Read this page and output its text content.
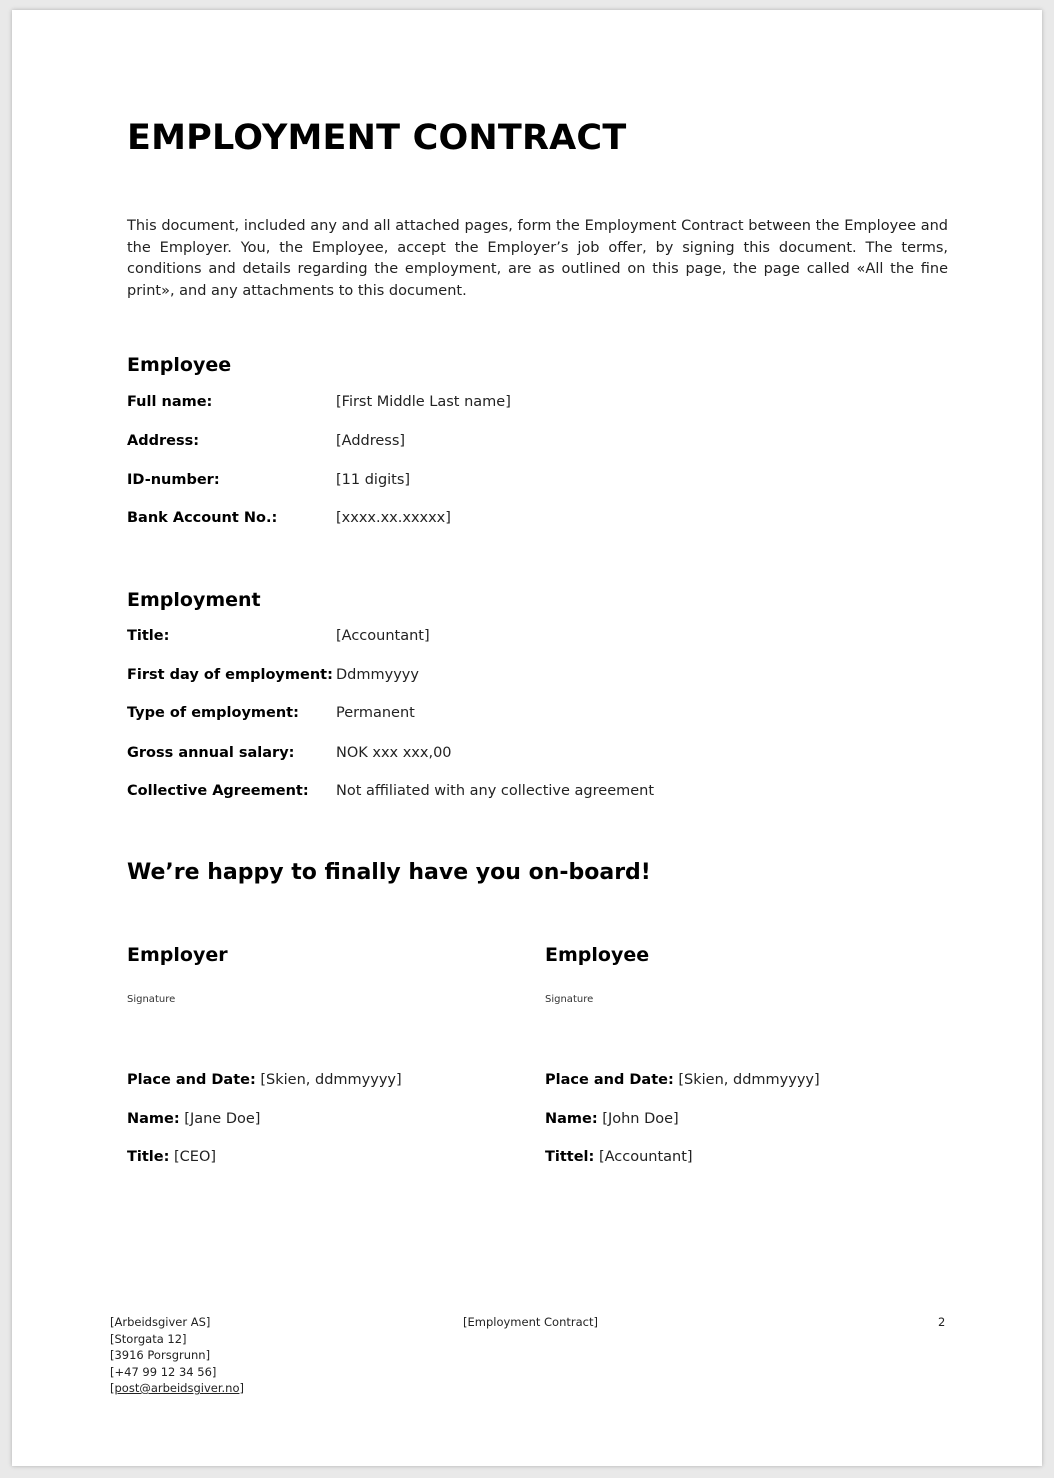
EMPLOYMENT CONTRACT

This document, included any and all attached pages, form the Employment Contract between the Employee and the Employer. You, the Employee, accept the Employer’s job offer, by signing this document. The terms, conditions and details regarding the employment, are as outlined on this page, the page called «All the fine print», and any attachments to this document.

Employee
Full name:	[First Middle Last name]
Address:	[Address]
ID-number:	[11 digits]
Bank Account No.:	[xxxx.xx.xxxxx]
Employment
Title:	[Accountant]
First day of employment: Ddmmyyyy
Type of employment:	Permanent
Gross annual salary:	NOK xxx xxx,00
Collective Agreement: Not affiliated with any collective agreement
We’re happy to finally have you on-board!
Employer
Signature
Place and Date: [Skien, ddmmyyyy]
Name: [Jane Doe]
Title: [CEO]
Employee
Signature
Place and Date: [Skien, ddmmyyyy]
Name: [John Doe]
Tittel: [Accountant]
[Arbeidsgiver AS]
[Storgata 12]
[3916 Porsgrunn]
[+47 99 12 34 56]
[post@arbeidsgiver.no]
[Employment Contract]	2
